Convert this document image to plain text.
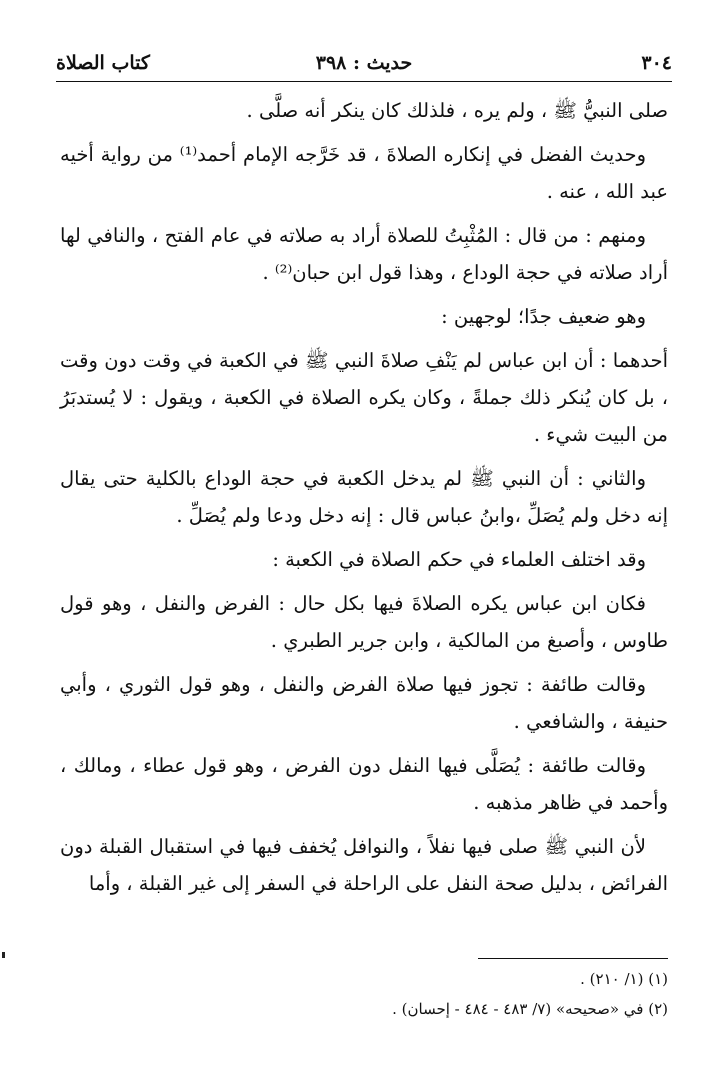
٣٠٤
حديث : ٣٩٨
كتاب الصلاة

صلى النبيُّ ﷺ ، ولم يره ، فلذلك كان ينكر أنه صلَّى .

وحديث الفضل في إنكاره الصلاةَ ، قد خَرَّجه الإمام أحمد⁽¹⁾ من رواية أخيه عبد الله ، عنه .

ومنهم : من قال : المُثْبِتُ للصلاة أراد به صلاته في عام الفتح ، والنافي لها أراد صلاته في حجة الوداع ، وهذا قول ابن حبان⁽²⁾ .

وهو ضعيف جدًا؛ لوجهين :

أحدهما : أن ابن عباس لم يَنْفِ صلاةَ النبي ﷺ في الكعبة في وقت دون وقت ، بل كان يُنكر ذلك جملةً ، وكان يكره الصلاة في الكعبة ، ويقول : لا يُستدبَرُ من البيت شيء .

والثاني : أن النبي ﷺ لم يدخل الكعبة في حجة الوداع بالكلية حتى يقال إنه دخل ولم يُصَلِّ ،وابنُ عباس قال : إنه دخل ودعا ولم يُصَلِّ .

وقد اختلف العلماء في حكم الصلاة في الكعبة :

فكان ابن عباس يكره الصلاةَ فيها بكل حال : الفرض والنفل ، وهو قول طاوس ، وأصبغ من المالكية ، وابن جرير الطبري .

وقالت طائفة : تجوز فيها صلاة الفرض والنفل ، وهو قول الثوري ، وأبي حنيفة ، والشافعي .

وقالت طائفة : يُصَلَّى فيها النفل دون الفرض ، وهو قول عطاء ، ومالك ، وأحمد في ظاهر مذهبه .

لأن النبي ﷺ صلى فيها نفلاً ، والنوافل يُخفف فيها في استقبال القبلة دون الفرائض ، بدليل صحة النفل على الراحلة في السفر إلى غير القبلة ، وأما

(١) (١/ ٢١٠) .

(٢) في «صحيحه» (٧/ ٤٨٣ - ٤٨٤ - إحسان) .
